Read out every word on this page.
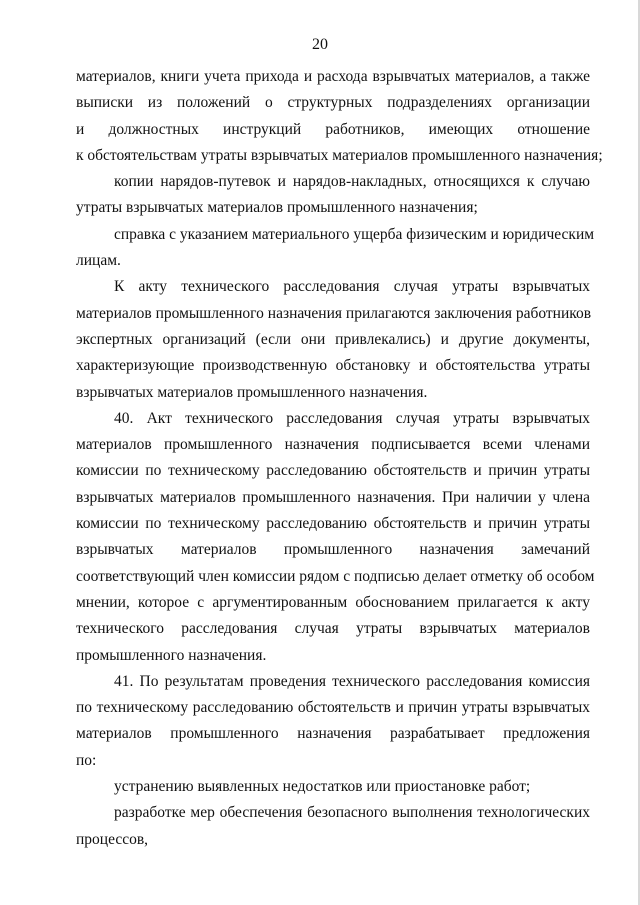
20
материалов, книги учета прихода и расхода взрывчатых материалов, а также
выписки из положений о структурных подразделениях организации
и должностных инструкций работников, имеющих отношение
к обстоятельствам утраты взрывчатых материалов промышленного назначения;
копии нарядов-путевок и нарядов-накладных, относящихся к случаю
утраты взрывчатых материалов промышленного назначения;
справка с указанием материального ущерба физическим и юридическим
лицам.
К акту технического расследования случая утраты взрывчатых
материалов промышленного назначения прилагаются заключения работников
экспертных организаций (если они привлекались) и другие документы,
характеризующие производственную обстановку и обстоятельства утраты
взрывчатых материалов промышленного назначения.
40. Акт технического расследования случая утраты взрывчатых
материалов промышленного назначения подписывается всеми членами
комиссии по техническому расследованию обстоятельств и причин утраты
взрывчатых материалов промышленного назначения. При наличии у члена
комиссии по техническому расследованию обстоятельств и причин утраты
взрывчатых материалов промышленного назначения замечаний
соответствующий член комиссии рядом с подписью делает отметку об особом
мнении, которое с аргументированным обоснованием прилагается к акту
технического расследования случая утраты взрывчатых материалов
промышленного назначения.
41. По результатам проведения технического расследования комиссия
по техническому расследованию обстоятельств и причин утраты взрывчатых
материалов промышленного назначения разрабатывает предложения
по:
устранению выявленных недостатков или приостановке работ;
разработке мер обеспечения безопасного выполнения технологических
процессов,
